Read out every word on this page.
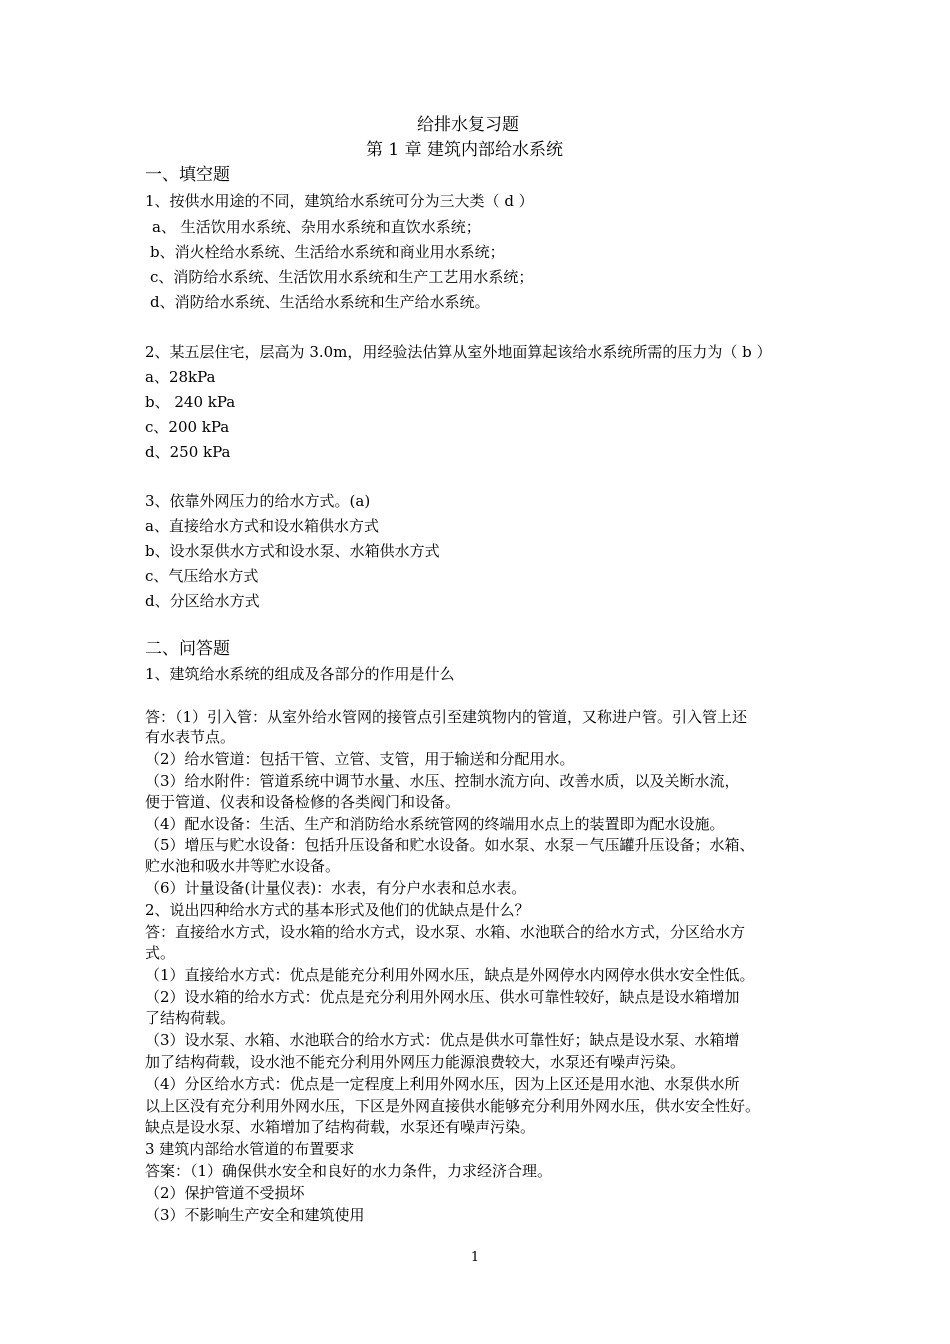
给排水复习题
第 1 章 建筑内部给水系统
一、填空题
1、按供水用途的不同，建筑给水系统可分为三大类（ d ）
a、 生活饮用水系统、杂用水系统和直饮水系统；
b、消火栓给水系统、生活给水系统和商业用水系统；
c、消防给水系统、生活饮用水系统和生产工艺用水系统；
d、消防给水系统、生活给水系统和生产给水系统。
2、某五层住宅，层高为 3.0m，用经验法估算从室外地面算起该给水系统所需的压力为（ b ）
a、28kPa
b、 240 kPa
c、200 kPa
d、250 kPa
3、依靠外网压力的给水方式。(a)
a、直接给水方式和设水箱供水方式
b、设水泵供水方式和设水泵、水箱供水方式
c、气压给水方式
d、分区给水方式
二、问答题
1、建筑给水系统的组成及各部分的作用是什么
答：（1）引入管：从室外给水管网的接管点引至建筑物内的管道，又称进户管。引入管上还
有水表节点。
（2）给水管道：包括干管、立管、支管，用于输送和分配用水。
（3）给水附件：管道系统中调节水量、水压、控制水流方向、改善水质，以及关断水流，
便于管道、仪表和设备检修的各类阀门和设备。
（4）配水设备：生活、生产和消防给水系统管网的终端用水点上的装置即为配水设施。
（5）增压与贮水设备：包括升压设备和贮水设备。如水泵、水泵－气压罐升压设备；水箱、
贮水池和吸水井等贮水设备。
（6）计量设备(计量仪表)：水表，有分户水表和总水表。
2、说出四种给水方式的基本形式及他们的优缺点是什么？
答：直接给水方式，设水箱的给水方式，设水泵、水箱、水池联合的给水方式，分区给水方
式。
（1）直接给水方式：优点是能充分利用外网水压，缺点是外网停水内网停水供水安全性低。
（2）设水箱的给水方式：优点是充分利用外网水压、供水可靠性较好，缺点是设水箱增加
了结构荷载。
（3）设水泵、水箱、水池联合的给水方式：优点是供水可靠性好；缺点是设水泵、水箱增
加了结构荷载，设水池不能充分利用外网压力能源浪费较大，水泵还有噪声污染。
（4）分区给水方式：优点是一定程度上利用外网水压，因为上区还是用水池、水泵供水所
以上区没有充分利用外网水压，下区是外网直接供水能够充分利用外网水压，供水安全性好。
缺点是设水泵、水箱增加了结构荷载，水泵还有噪声污染。
3 建筑内部给水管道的布置要求
答案：（1）确保供水安全和良好的水力条件，力求经济合理。
（2）保护管道不受损坏
（3）不影响生产安全和建筑使用
1
